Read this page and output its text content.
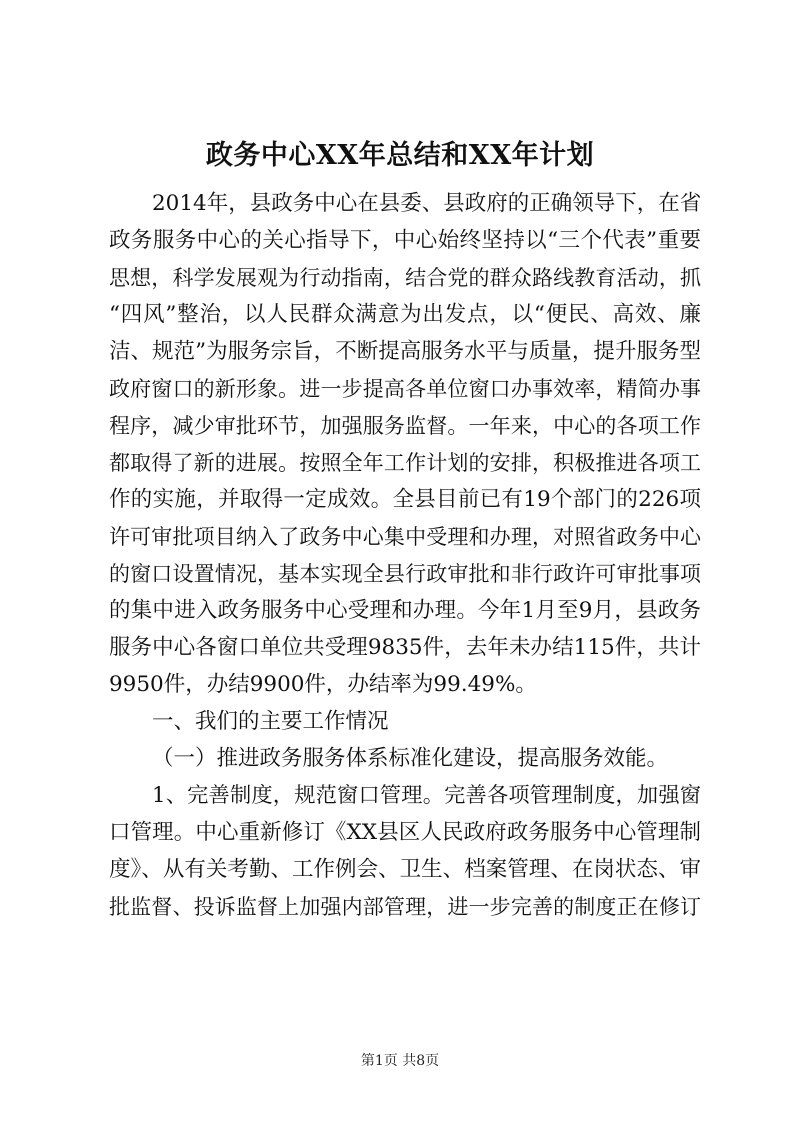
政务中心XX年总结和XX年计划
2014年，县政务中心在县委、县政府的正确领导下，在省
政务服务中心的关心指导下，中心始终坚持以“三个代表”重要
思想，科学发展观为行动指南，结合党的群众路线教育活动，抓
“四风”整治，以人民群众满意为出发点，以“便民、高效、廉
洁、规范”为服务宗旨，不断提高服务水平与质量，提升服务型
政府窗口的新形象。进一步提高各单位窗口办事效率，精简办事
程序，减少审批环节，加强服务监督。一年来，中心的各项工作
都取得了新的进展。按照全年工作计划的安排，积极推进各项工
作的实施，并取得一定成效。全县目前已有19个部门的226项
许可审批项目纳入了政务中心集中受理和办理，对照省政务中心
的窗口设置情况，基本实现全县行政审批和非行政许可审批事项
的集中进入政务服务中心受理和办理。今年1月至9月，县政务
服务中心各窗口单位共受理9835件，去年未办结115件，共计
9950件，办结9900件，办结率为99.49%。
一、我们的主要工作情况
（一）推进政务服务体系标准化建设，提高服务效能。
1、完善制度，规范窗口管理。完善各项管理制度，加强窗
口管理。中心重新修订《XX县区人民政府政务服务中心管理制
度》、从有关考勤、工作例会、卫生、档案管理、在岗状态、审
批监督、投诉监督上加强内部管理，进一步完善的制度正在修订
第1页 共8页
